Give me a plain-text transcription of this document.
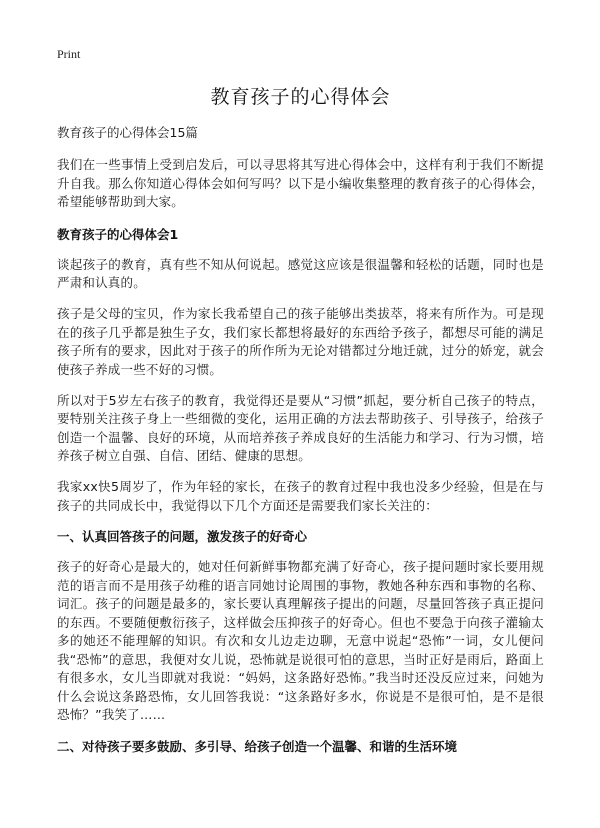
Print
教育孩子的心得体会
教育孩子的心得体会15篇

我们在一些事情上受到启发后，可以寻思将其写进心得体会中，这样有利于我们不断提升自我。那么你知道心得体会如何写吗？以下是小编收集整理的教育孩子的心得体会，希望能够帮助到大家。

教育孩子的心得体会1

谈起孩子的教育，真有些不知从何说起。感觉这应该是很温馨和轻松的话题，同时也是严肃和认真的。

孩子是父母的宝贝，作为家长我希望自己的孩子能够出类拔萃，将来有所作为。可是现在的孩子几乎都是独生子女，我们家长都想将最好的东西给予孩子，都想尽可能的满足孩子所有的要求，因此对于孩子的所作所为无论对错都过分地迁就，过分的娇宠，就会使孩子养成一些不好的习惯。

所以对于5岁左右孩子的教育，我觉得还是要从“习惯”抓起，要分析自己孩子的特点，要特别关注孩子身上一些细微的变化，运用正确的方法去帮助孩子、引导孩子，给孩子创造一个温馨、良好的环境，从而培养孩子养成良好的生活能力和学习、行为习惯，培养孩子树立自强、自信、团结、健康的思想。

我家xx快5周岁了，作为年轻的家长，在孩子的教育过程中我也没多少经验，但是在与孩子的共同成长中，我觉得以下几个方面还是需要我们家长关注的：

一、认真回答孩子的问题，激发孩子的好奇心

孩子的好奇心是最大的，她对任何新鲜事物都充满了好奇心，孩子提问题时家长要用规范的语言而不是用孩子幼稚的语言同她讨论周围的事物，教她各种东西和事物的名称、词汇。孩子的问题是最多的，家长要认真理解孩子提出的问题，尽量回答孩子真正提问的东西。不要随便敷衍孩子，这样做会压抑孩子的好奇心。但也不要急于向孩子灌输太多的她还不能理解的知识。有次和女儿边走边聊，无意中说起“恐怖”一词，女儿便问我“恐怖”的意思，我便对女儿说，恐怖就是说很可怕的意思，当时正好是雨后，路面上有很多水，女儿当即就对我说：“妈妈，这条路好恐怖。”我当时还没反应过来，问她为什么会说这条路恐怖，女儿回答我说：“这条路好多水，你说是不是很可怕，是不是很恐怖？”我笑了……

二、对待孩子要多鼓励、多引导、给孩子创造一个温馨、和谐的生活环境
